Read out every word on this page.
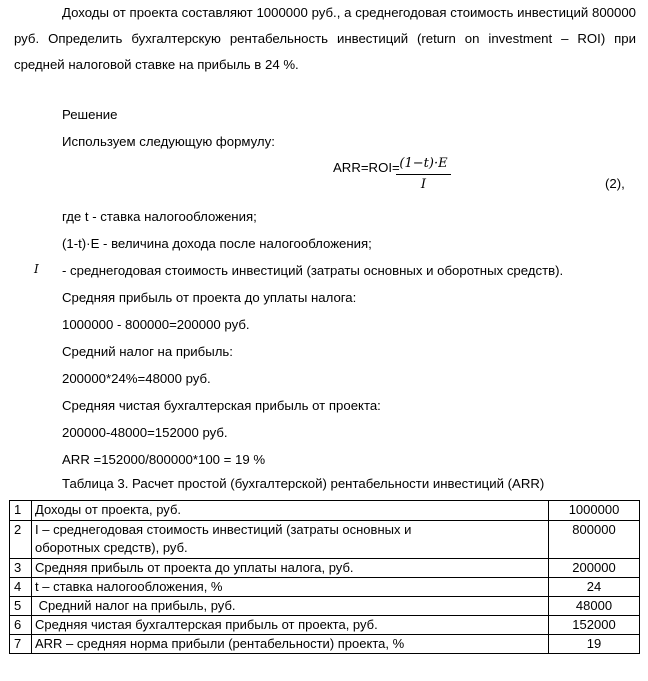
Доходы от проекта составляют 1000000 руб., а среднегодовая стоимость инвестиций 800000 руб. Определить бухгалтерскую рентабельность инвестиций (return on investment – ROI) при средней налоговой ставке на прибыль в 24 %.
Решение
Используем следующую формулу:
ARR=ROI= (1−t)·E
I	(2),
где t - ставка налогообложения;
(1-t)·E - величина дохода после налогообложения;
I - среднегодовая стоимость инвестиций (затраты основных и оборотных средств).
Средняя прибыль от проекта до уплаты налога:
1000000 - 800000=200000 руб.
Средний налог на прибыль:
200000*24%=48000 руб.
Средняя чистая бухгалтерская прибыль от проекта:
200000-48000=152000 руб.
ARR =152000/800000*100 = 19 %
Таблица 3. Расчет простой (бухгалтерской) рентабельности инвестиций (ARR)
1	Доходы от проекта, руб.	1000000
2	I – среднегодовая стоимость инвестиций (затраты основных и оборотных средств), руб.	800000
3	Средняя прибыль от проекта до уплаты налога, руб.	200000
4	t – ставка налогообложения, %	24
5	Средний налог на прибыль, руб.	48000
6	Средняя чистая бухгалтерская прибыль от проекта, руб.	152000
7	ARR – средняя норма прибыли (рентабельности) проекта, %	19
